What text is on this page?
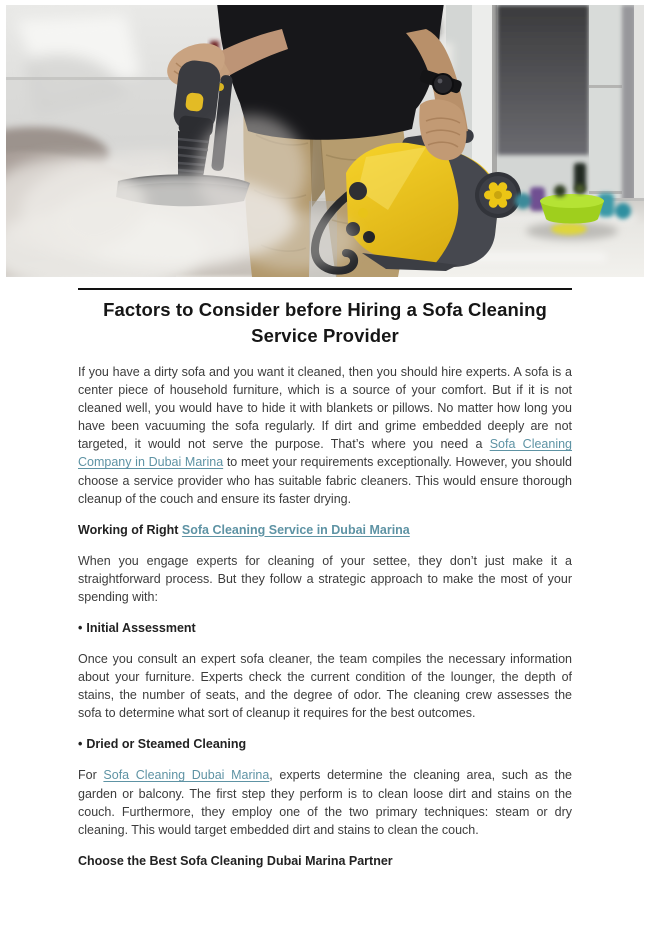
Factors to Consider before Hiring a Sofa Cleaning Service Provider

If you have a dirty sofa and you want it cleaned, then you should hire experts. A sofa is a center piece of household furniture, which is a source of your comfort. But if it is not cleaned well, you would have to hide it with blankets or pillows. No matter how long you have been vacuuming the sofa regularly. If dirt and grime embedded deeply are not targeted, it would not serve the purpose. That’s where you need a Sofa Cleaning Company in Dubai Marina to meet your requirements exceptionally. However, you should choose a service provider who has suitable fabric cleaners. This would ensure thorough cleanup of the couch and ensure its faster drying.

Working of Right Sofa Cleaning Service in Dubai Marina

When you engage experts for cleaning of your settee, they don’t just make it a straightforward process. But they follow a strategic approach to make the most of your spending with:

• Initial Assessment

Once you consult an expert sofa cleaner, the team compiles the necessary information about your furniture. Experts check the current condition of the lounger, the depth of stains, the number of seats, and the degree of odor. The cleaning crew assesses the sofa to determine what sort of cleanup it requires for the best outcomes.

• Dried or Steamed Cleaning

For Sofa Cleaning Dubai Marina, experts determine the cleaning area, such as the garden or balcony. The first step they perform is to clean loose dirt and stains on the couch. Furthermore, they employ one of the two primary techniques: steam or dry cleaning. This would target embedded dirt and stains to clean the couch.

Choose the Best Sofa Cleaning Dubai Marina Partner
